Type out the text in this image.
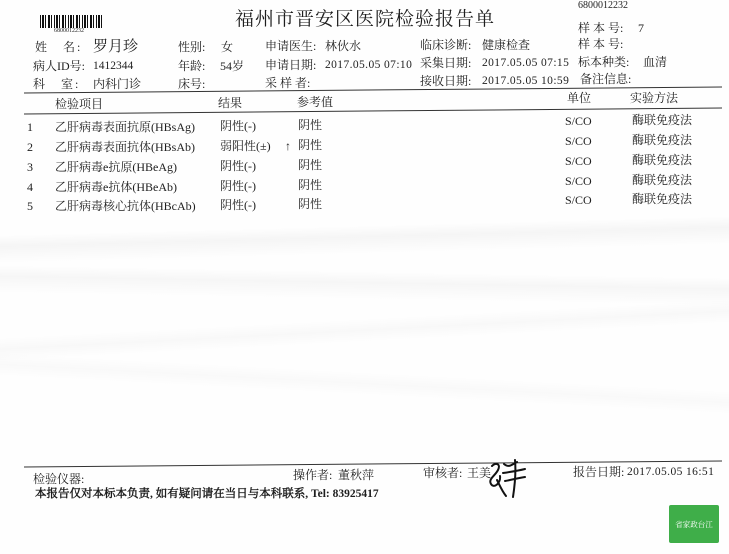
6800012232
福州市晋安区医院检验报告单
6800012232
样 本 号: 7
姓　名: 罗月珍	性别: 女	申请医生: 林伙水	临床诊断: 健康检查	样 本 号:
病人ID号: 1412344	年龄: 54岁 申请日期: 2017.05.05 07:10 采集日期: 2017.05.05 07:15 标本种类: 血清
科　室: 内科门诊	床号:	采 样 者:	接收日期: 2017.05.05 10:59 备注信息:
检验项目	结果	参考值	单位	实验方法
1 乙肝病毒表面抗原(HBsAg) 阴性(-)	阴性	S/CO	酶联免疫法
2 乙肝病毒表面抗体(HBsAb) 弱阳性(±) ↑ 阴性	S/CO	酶联免疫法
3 乙肝病毒e抗原(HBeAg)	阴性(-)	阴性	S/CO	酶联免疫法
4 乙肝病毒e抗体(HBeAb)	阴性(-)	阴性	S/CO	酶联免疫法
5 乙肝病毒核心抗体(HBcAb) 阴性(-)	阴性	S/CO	酶联免疫法
检验仪器:	操作者: 董秋萍	审核者: 王美	报告日期: 2017.05.05 16:51
本报告仅对本标本负责, 如有疑问请在当日与本科联系, Tel: 83925417
省家政台江
